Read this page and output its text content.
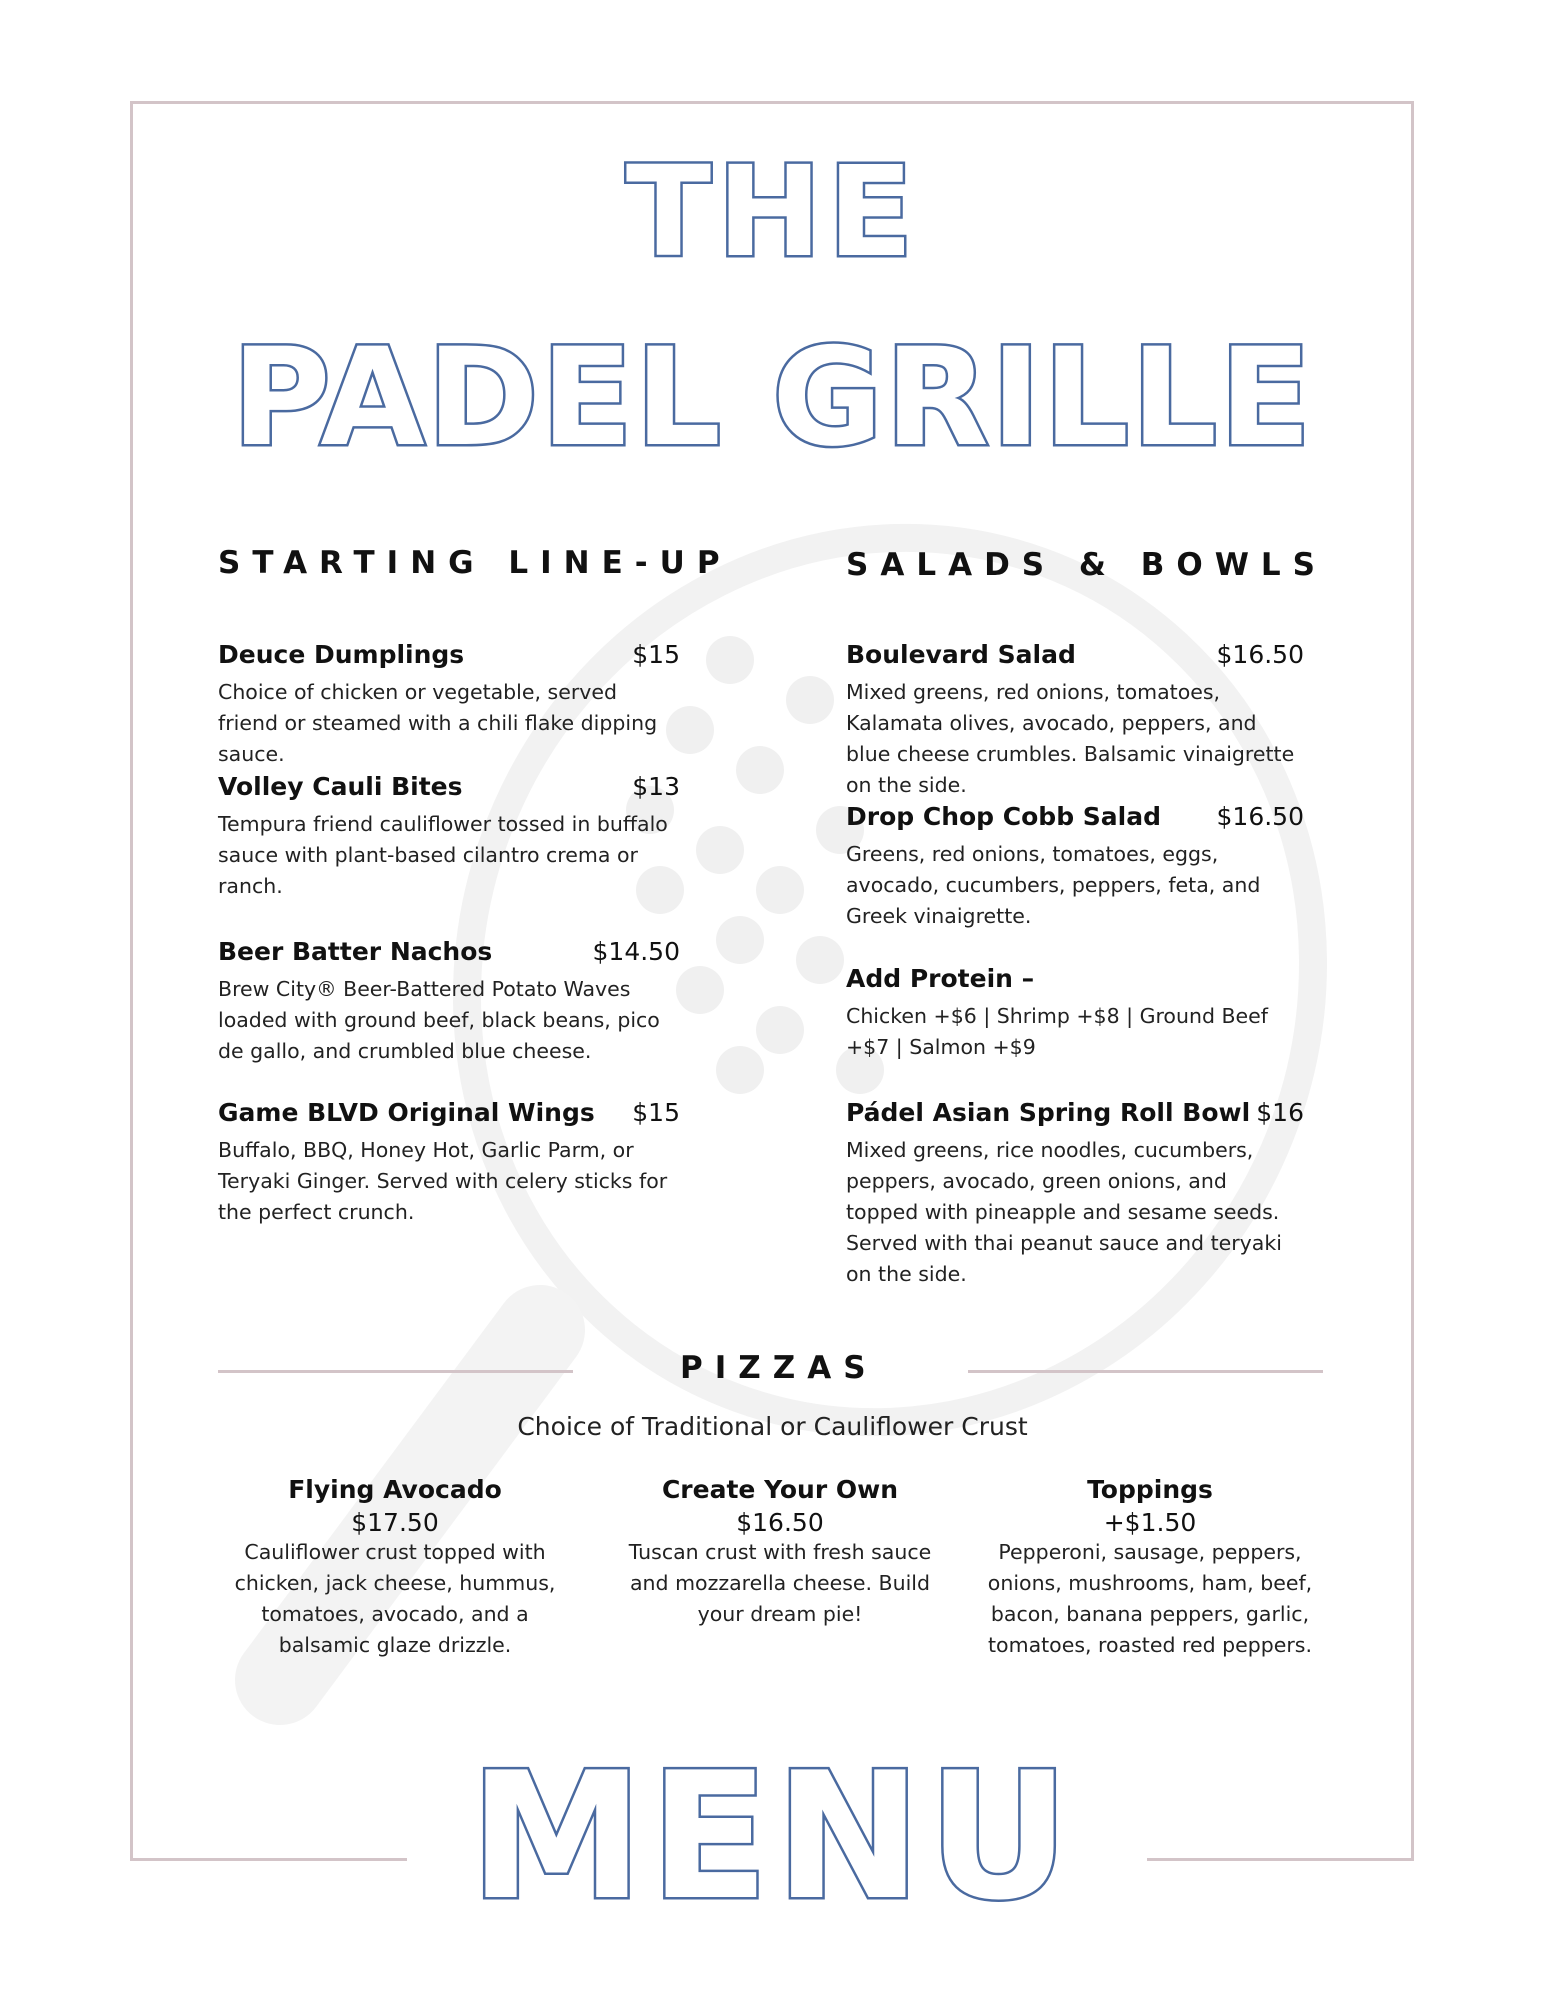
THE
PADEL GRILLE
STARTING LINE-UP
Deuce Dumplings	$15
Choice of chicken or vegetable, served friend or steamed with a chili flake dipping sauce.
Volley Cauli Bites	$13
Tempura friend cauliflower tossed in buffalo sauce with plant-based cilantro crema or ranch.
Beer Batter Nachos	$14.50
Brew City® Beer-Battered Potato Waves loaded with ground beef, black beans, pico de gallo, and crumbled blue cheese.
Game BLVD Original Wings $15
Buffalo, BBQ, Honey Hot, Garlic Parm, or Teryaki Ginger. Served with celery sticks for the perfect crunch.
SALADS & BOWLS
Boulevard Salad	$16.50
Mixed greens, red onions, tomatoes, Kalamata olives, avocado, peppers, and blue cheese crumbles. Balsamic vinaigrette on the side.
Drop Chop Cobb Salad $16.50
Greens, red onions, tomatoes, eggs, avocado, cucumbers, peppers, feta, and Greek vinaigrette.
Add Protein –
Chicken +$6 | Shrimp +$8 | Ground Beef +$7 | Salmon +$9
Pádel Asian Spring Roll Bowl $16
Mixed greens, rice noodles, cucumbers, peppers, avocado, green onions, and topped with pineapple and sesame seeds. Served with thai peanut sauce and teryaki on the side.
PIZZAS
Choice of Traditional or Cauliflower Crust
Flying Avocado
$17.50
Cauliflower crust topped with chicken, jack cheese, hummus, tomatoes, avocado, and a balsamic glaze drizzle.
Create Your Own
$16.50
Tuscan crust with fresh sauce and mozzarella cheese. Build your dream pie!
Toppings
+$1.50
Pepperoni, sausage, peppers, onions, mushrooms, ham, beef, bacon, banana peppers, garlic, tomatoes, roasted red peppers.
MENU
